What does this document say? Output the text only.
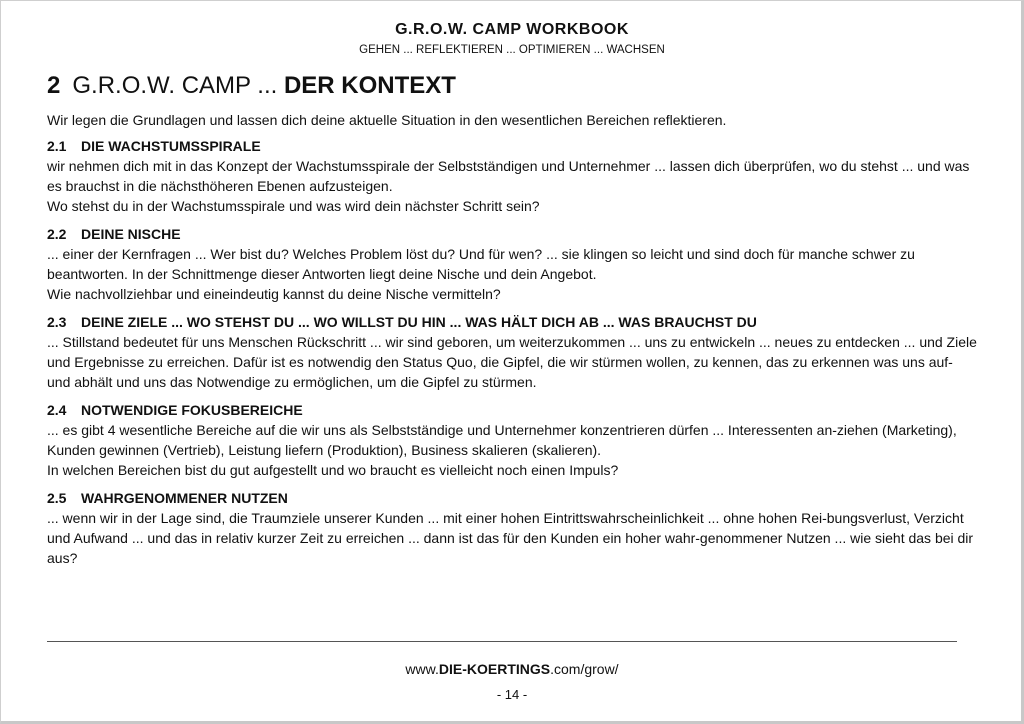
G.R.O.W. CAMP WORKBOOK
GEHEN ... REFLEKTIEREN ... OPTIMIEREN ... WACHSEN
2 G.R.O.W. CAMP ... DER KONTEXT
Wir legen die Grundlagen und lassen dich deine aktuelle Situation in den wesentlichen Bereichen reflektieren.
2.1 DIE WACHSTUMSSPIRALE

wir nehmen dich mit in das Konzept der Wachstumsspirale der Selbstständigen und Unternehmer ... lassen dich überprüfen, wo du stehst ... und was es brauchst in die nächsthöheren Ebenen aufzusteigen.

Wo stehst du in der Wachstumsspirale und was wird dein nächster Schritt sein?

2.2 DEINE NISCHE

... einer der Kernfragen ... Wer bist du? Welches Problem löst du? Und für wen? ... sie klingen so leicht und sind doch für manche schwer zu beantworten. In der Schnittmenge dieser Antworten liegt deine Nische und dein Angebot.

Wie nachvollziehbar und eineindeutig kannst du deine Nische vermitteln?

2.3 DEINE ZIELE ... WO STEHST DU ... WO WILLST DU HIN ... WAS HÄLT DICH AB ... WAS BRAUCHST DU

... Stillstand bedeutet für uns Menschen Rückschritt ... wir sind geboren, um weiterzukommen ... uns zu entwickeln ... neues zu entdecken ... und Ziele und Ergebnisse zu erreichen. Dafür ist es notwendig den Status Quo, die Gipfel, die wir stürmen wollen, zu kennen, das zu erkennen was uns auf- und abhält und uns das Notwendige zu ermöglichen, um die Gipfel zu stürmen.

2.4 NOTWENDIGE FOKUSBEREICHE

... es gibt 4 wesentliche Bereiche auf die wir uns als Selbstständige und Unternehmer konzentrieren dürfen ... Interessenten an-ziehen (Marketing), Kunden gewinnen (Vertrieb), Leistung liefern (Produktion), Business skalieren (skalieren).

In welchen Bereichen bist du gut aufgestellt und wo braucht es vielleicht noch einen Impuls?

2.5 WAHRGENOMMENER NUTZEN

... wenn wir in der Lage sind, die Traumziele unserer Kunden ... mit einer hohen Eintrittswahrscheinlichkeit ... ohne hohen Rei-bungsverlust, Verzicht und Aufwand ... und das in relativ kurzer Zeit zu erreichen ... dann ist das für den Kunden ein hoher wahr-genommener Nutzen ... wie sieht das bei dir aus?

www.DIE-KOERTINGS.com/grow/
- 14 -
